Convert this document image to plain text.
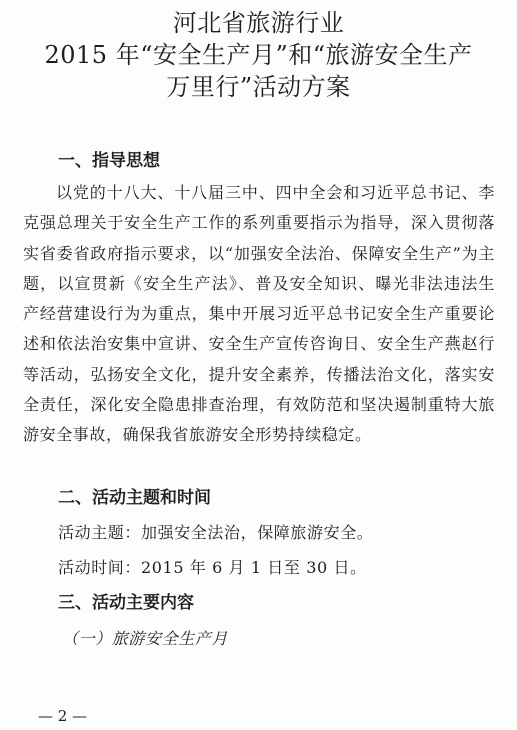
河北省旅游行业
2015 年“安全生产月”和“旅游安全生产
万里行”活动方案
一、指导思想
以党的十八大、十八届三中、四中全会和习近平总书记、李克强总理关于安全生产工作的系列重要指示为指导，深入贯彻落实省委省政府指示要求，以“加强安全法治、保障安全生产”为主题，以宣贯新《安全生产法》、普及安全知识、曝光非法违法生产经营建设行为为重点，集中开展习近平总书记安全生产重要论述和依法治安集中宣讲、安全生产宣传咨询日、安全生产燕赵行等活动，弘扬安全文化，提升安全素养，传播法治文化，落实安全责任，深化安全隐患排查治理，有效防范和坚决遏制重特大旅游安全事故，确保我省旅游安全形势持续稳定。
二、活动主题和时间
活动主题：加强安全法治，保障旅游安全。
活动时间：2015 年 6 月 1 日至 30 日。
三、活动主要内容
（一）旅游安全生产月
— 2 —
